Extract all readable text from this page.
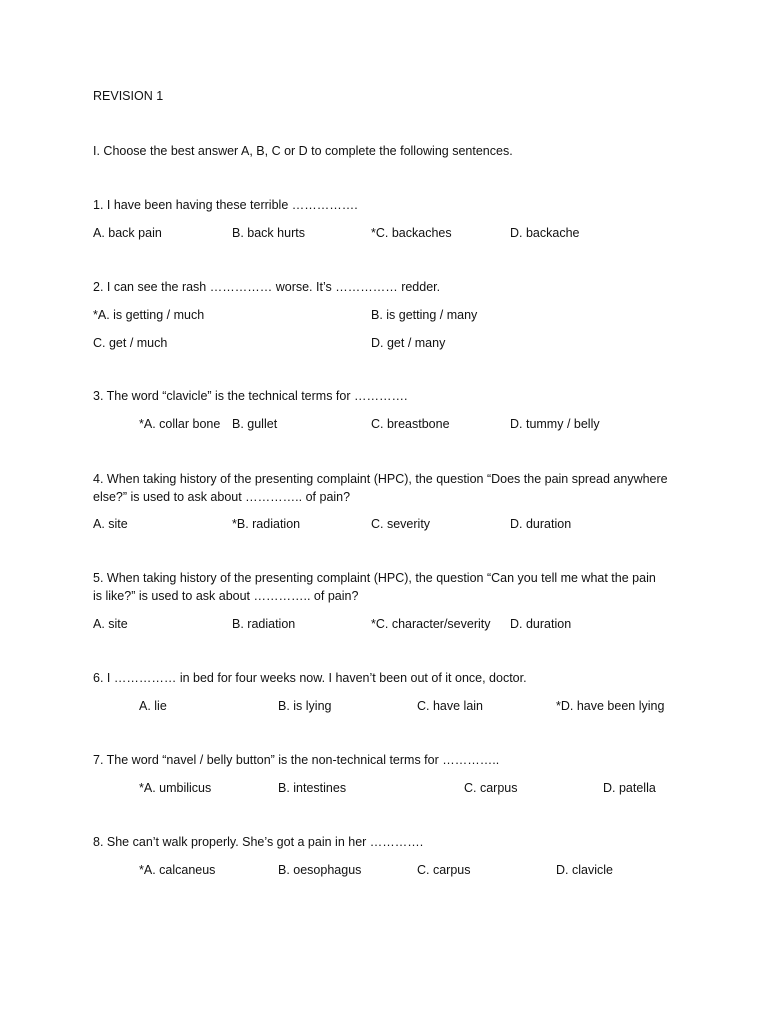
REVISION 1
I. Choose the best answer A, B, C or D to complete the following sentences.
1. I have been having these terrible …………….
A. back pain	B. back hurts	*C. backaches	D. backache
2. I can see the rash …………… worse. It’s …………… redder.
*A. is getting / much	B. is getting / many
C. get / much	D. get / many
3. The word “clavicle” is the technical terms for ………….
*A. collar bone B. gullet	C. breastbone	D. tummy / belly
4. When taking history of the presenting complaint (HPC), the question “Does the pain spread anywhere else?” is used to ask about ………….. of pain?
A. site	*B. radiation	C. severity	D. duration
5. When taking history of the presenting complaint (HPC), the question “Can you tell me what the pain is like?” is used to ask about ………….. of pain?
A. site	B. radiation	*C. character/severity D. duration
6. I …………… in bed for four weeks now. I haven’t been out of it once, doctor.
A. lie	B. is lying	C. have lain	*D. have been lying
7. The word “navel / belly button” is the non-technical terms for …………..
*A. umbilicus	B. intestines	C. carpus	D. patella
8. She can’t walk properly. She’s got a pain in her ………….
*A. calcaneus	B. oesophagus	C. carpus	D. clavicle
